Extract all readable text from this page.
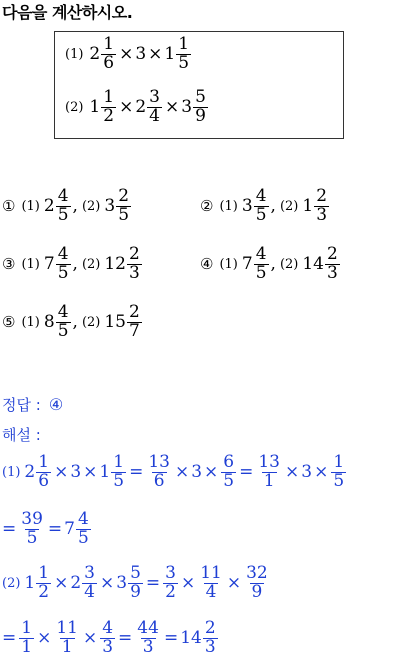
다음을 계산하시오.
(1) $2 \frac{1}{6} \times 3 \times 1 \frac{1}{5}$
(2) $1 \frac{1}{2} \times 2 \frac{3}{4} \times 3 \frac{5}{9}$
① (1) $2 \frac{4}{5}$ , (2) $3 \frac{2}{5}$	② (1) $3 \frac{4}{5}$ , (2) $1 \frac{2}{3}$
③ (1) $7 \frac{4}{5}$ , (2) $12 \frac{2}{3}$	④ (1) $7 \frac{4}{5}$ , (2) $14 \frac{2}{3}$
⑤ (1) $8 \frac{4}{5}$ , (2) $15 \frac{2}{7}$
정답 : ④
해설 :
(1) $2 \frac{1}{6} \times 3 \times 1 \frac{1}{5} = \frac{13}{6} \times 3 \times \frac{6}{5} = \frac{13}{1} \times 3 \times \frac{1}{5}$
= $\frac{39}{5} = 7 \frac{4}{5}$
(2) $1 \frac{1}{2} \times 2 \frac{3}{4} \times 3 \frac{5}{9} = \frac{3}{2} \times \frac{11}{4} \times \frac{32}{9}$
= $\frac{1}{1} \times \frac{11}{1} \times \frac{4}{3} = \frac{44}{3} = 14 \frac{2}{3}$
